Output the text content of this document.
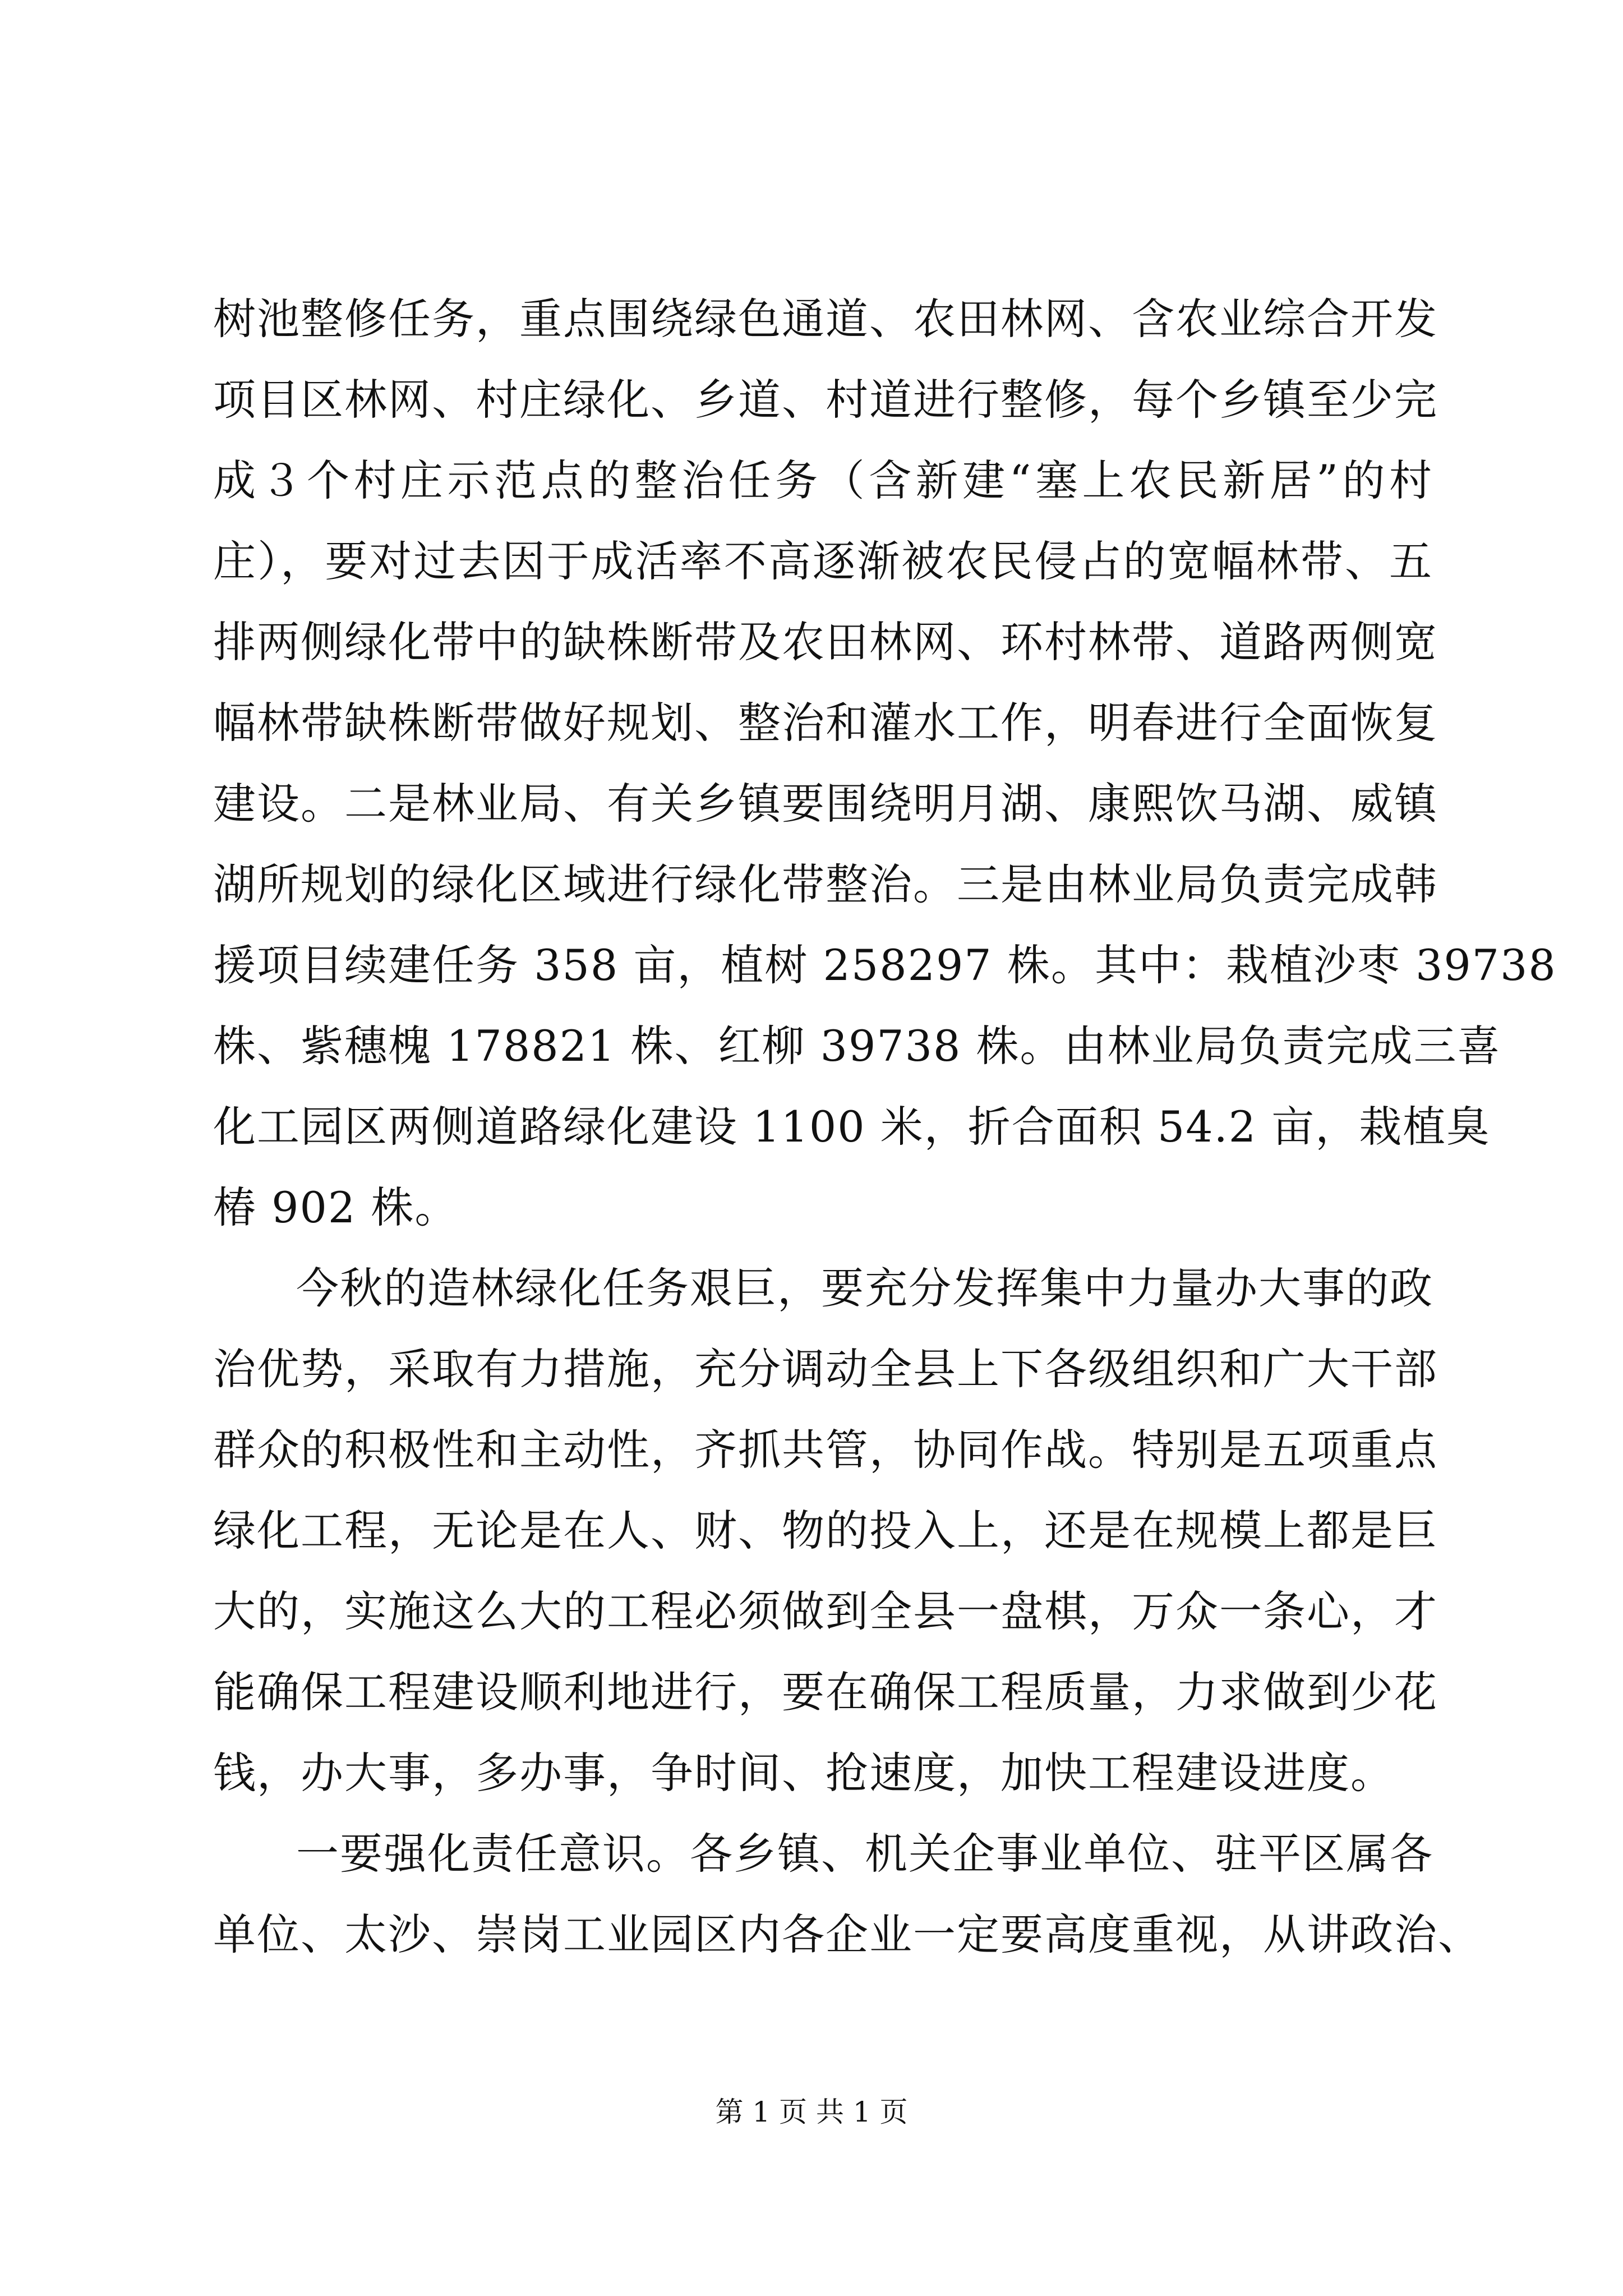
树池整修任务，重点围绕绿色通道、农田林网、含农业综合开发
项目区林网、村庄绿化、乡道、村道进行整修，每个乡镇至少完
成３个村庄示范点的整治任务（含新建“塞上农民新居”的村
庄），要对过去因于成活率不高逐渐被农民侵占的宽幅林带、五
排两侧绿化带中的缺株断带及农田林网、环村林带、道路两侧宽
幅林带缺株断带做好规划、整治和灌水工作，明春进行全面恢复
建设。二是林业局、有关乡镇要围绕明月湖、康熙饮马湖、威镇
湖所规划的绿化区域进行绿化带整治。三是由林业局负责完成韩
援项目续建任务 358 亩，植树 258297 株。其中：栽植沙枣 39738
株、紫穗槐 178821 株、红柳 39738 株。由林业局负责完成三喜
化工园区两侧道路绿化建设 1100 米，折合面积 54.2 亩，栽植臭
椿 902 株。
今秋的造林绿化任务艰巨，要充分发挥集中力量办大事的政
治优势，采取有力措施，充分调动全县上下各级组织和广大干部
群众的积极性和主动性，齐抓共管，协同作战。特别是五项重点
绿化工程，无论是在人、财、物的投入上，还是在规模上都是巨
大的，实施这么大的工程必须做到全县一盘棋，万众一条心，才
能确保工程建设顺利地进行，要在确保工程质量，力求做到少花
钱，办大事，多办事，争时间、抢速度，加快工程建设进度。
一要强化责任意识。各乡镇、机关企事业单位、驻平区属各
单位、太沙、崇岗工业园区内各企业一定要高度重视，从讲政治、
第 1 页 共 1 页
